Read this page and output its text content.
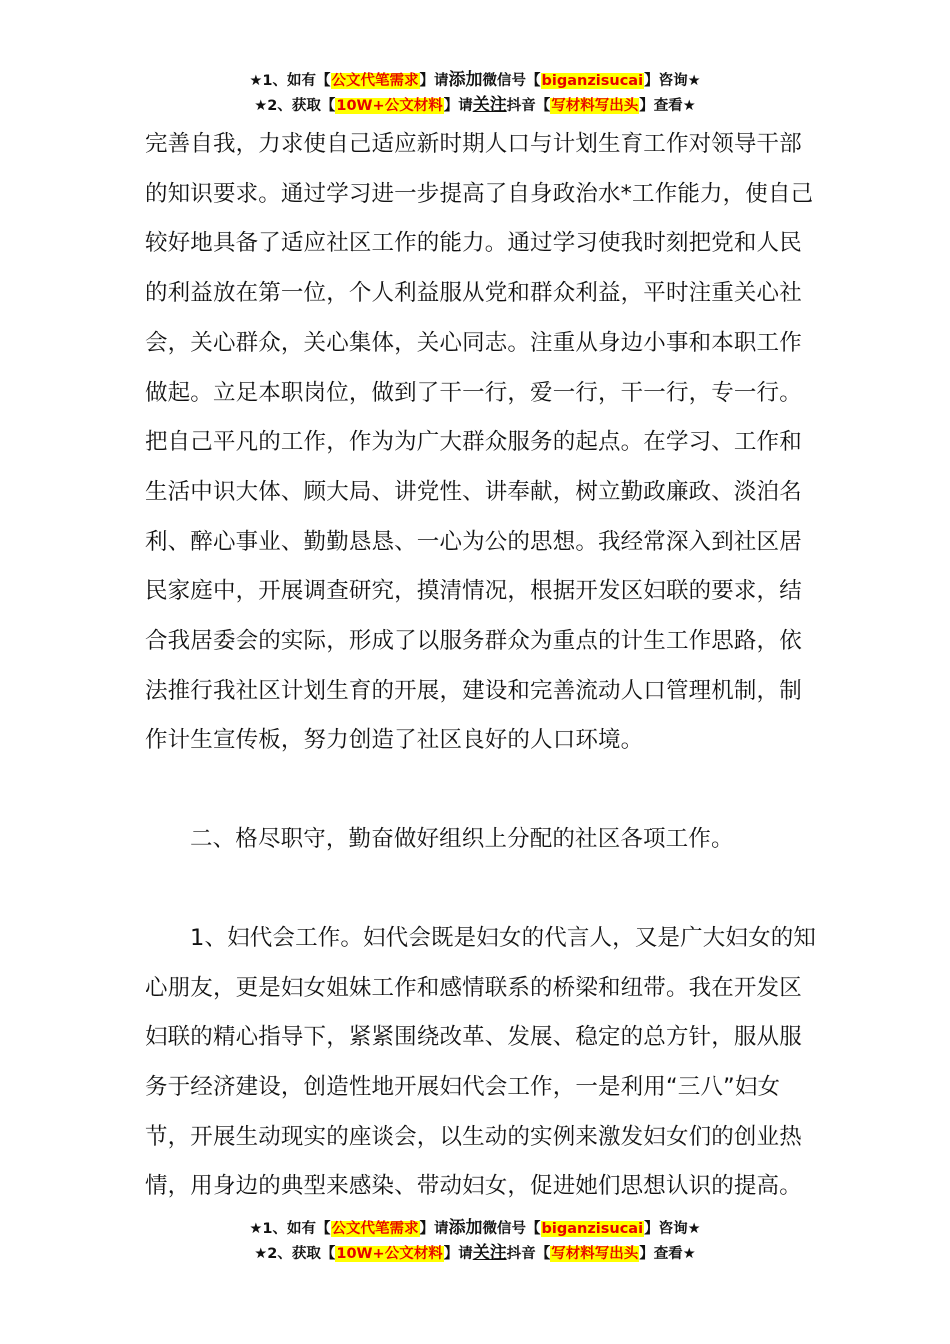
★1、如有【公文代笔需求】请添加微信号【biganzisucai】咨询★
★2、获取【10W+公文材料】请关注抖音【写材料写出头】查看★

完善自我，力求使自己适应新时期人口与计划生育工作对领导干部
的知识要求。通过学习进一步提高了自身政治水*工作能力，使自己
较好地具备了适应社区工作的能力。通过学习使我时刻把党和人民
的利益放在第一位，个人利益服从党和群众利益，平时注重关心社
会，关心群众，关心集体，关心同志。注重从身边小事和本职工作
做起。立足本职岗位，做到了干一行，爱一行，干一行，专一行。
把自己平凡的工作，作为为广大群众服务的起点。在学习、工作和
生活中识大体、顾大局、讲党性、讲奉献，树立勤政廉政、淡泊名
利、醉心事业、勤勤恳恳、一心为公的思想。我经常深入到社区居
民家庭中，开展调查研究，摸清情况，根据开发区妇联的要求，结
合我居委会的实际，形成了以服务群众为重点的计生工作思路，依
法推行我社区计划生育的开展，建设和完善流动人口管理机制，制
作计生宣传板，努力创造了社区良好的人口环境。

二、格尽职守，勤奋做好组织上分配的社区各项工作。

1、妇代会工作。妇代会既是妇女的代言人，又是广大妇女的知
心朋友，更是妇女姐妹工作和感情联系的桥梁和纽带。我在开发区
妇联的精心指导下，紧紧围绕改革、发展、稳定的总方针，服从服
务于经济建设，创造性地开展妇代会工作，一是利用“三八”妇女
节，开展生动现实的座谈会，以生动的实例来激发妇女们的创业热
情，用身边的典型来感染、带动妇女，促进她们思想认识的提高。

★1、如有【公文代笔需求】请添加微信号【biganzisucai】咨询★
★2、获取【10W+公文材料】请关注抖音【写材料写出头】查看★
